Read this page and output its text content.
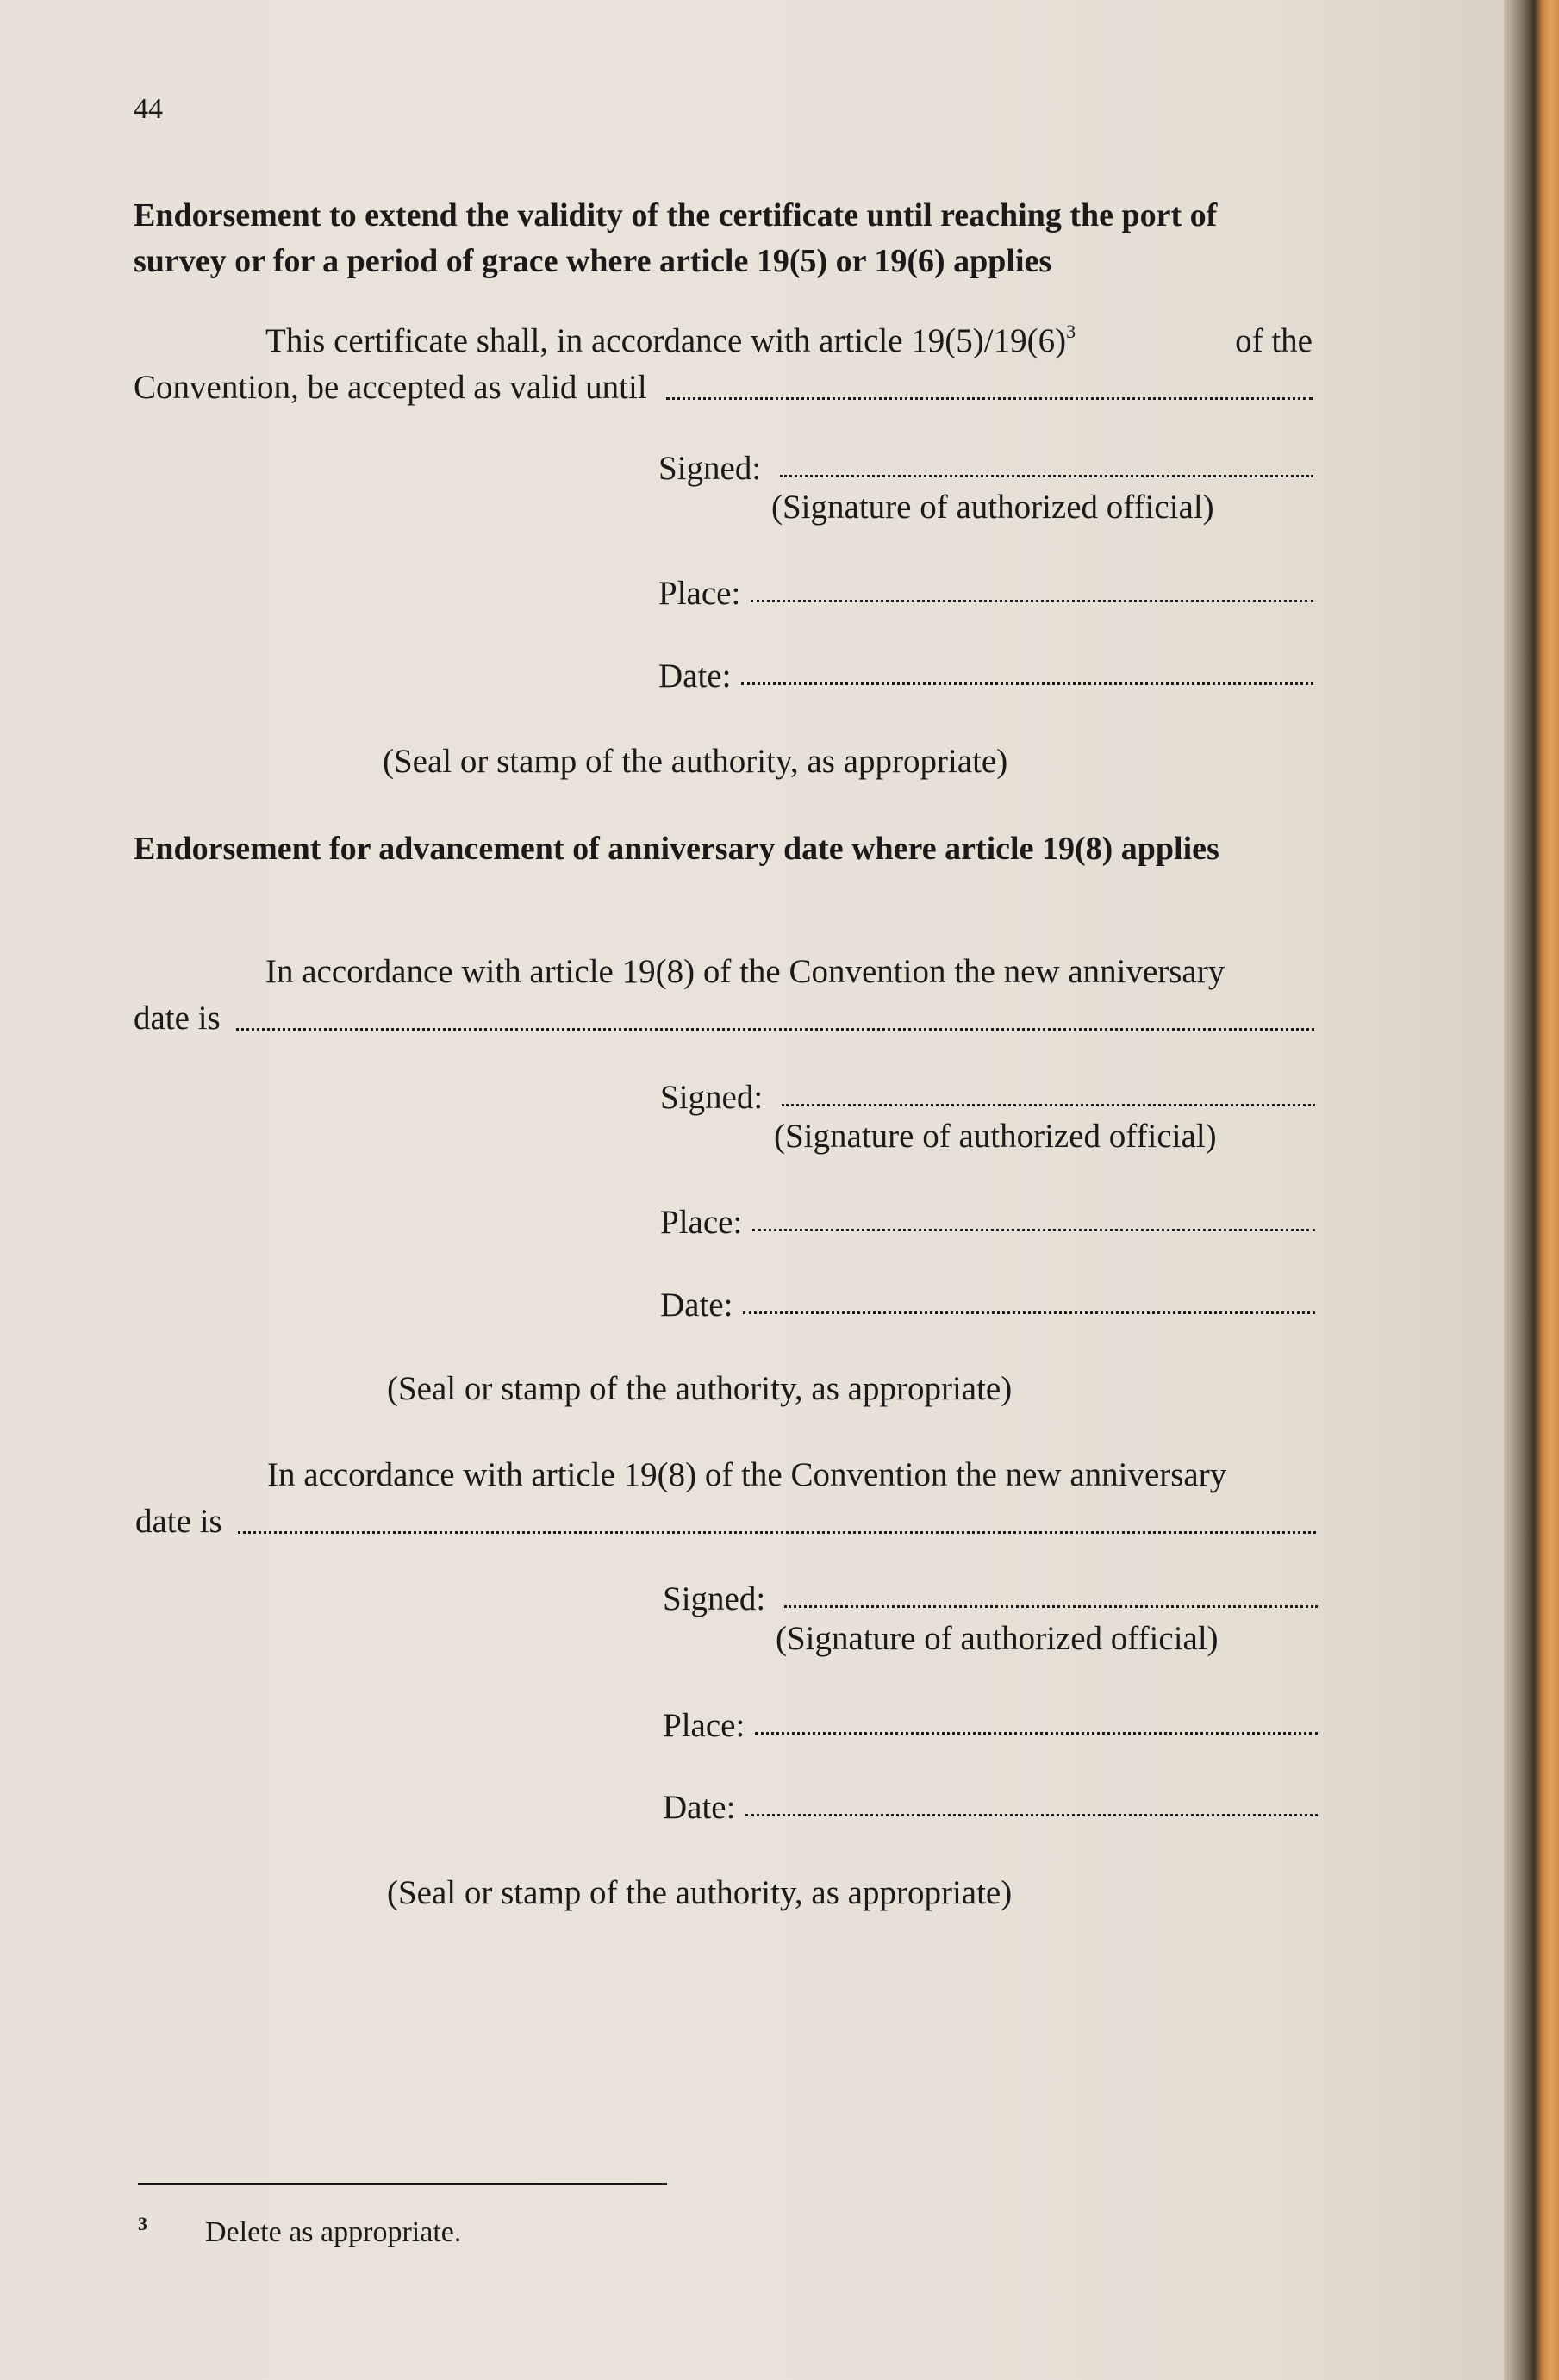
44
Endorsement to extend the validity of the certificate until reaching the port of survey or for a period of grace where article 19(5) or 19(6) applies
This certificate shall, in accordance with article $19(5)/19(6)^3$	of the
Convention, be accepted as valid until
Signed:
(Signature of authorized official)
Place:
Date:
(Seal or stamp of the authority, as appropriate)
Endorsement for advancement of anniversary date where article 19(8) applies
In accordance with article 19(8) of the Convention the new anniversary
date is
Signed:
(Signature of authorized official)
Place:
Date:
(Seal or stamp of the authority, as appropriate)
In accordance with article 19(8) of the Convention the new anniversary
date is
Signed:
(Signature of authorized official)
Place:
Date:
(Seal or stamp of the authority, as appropriate)
3 Delete as appropriate.
